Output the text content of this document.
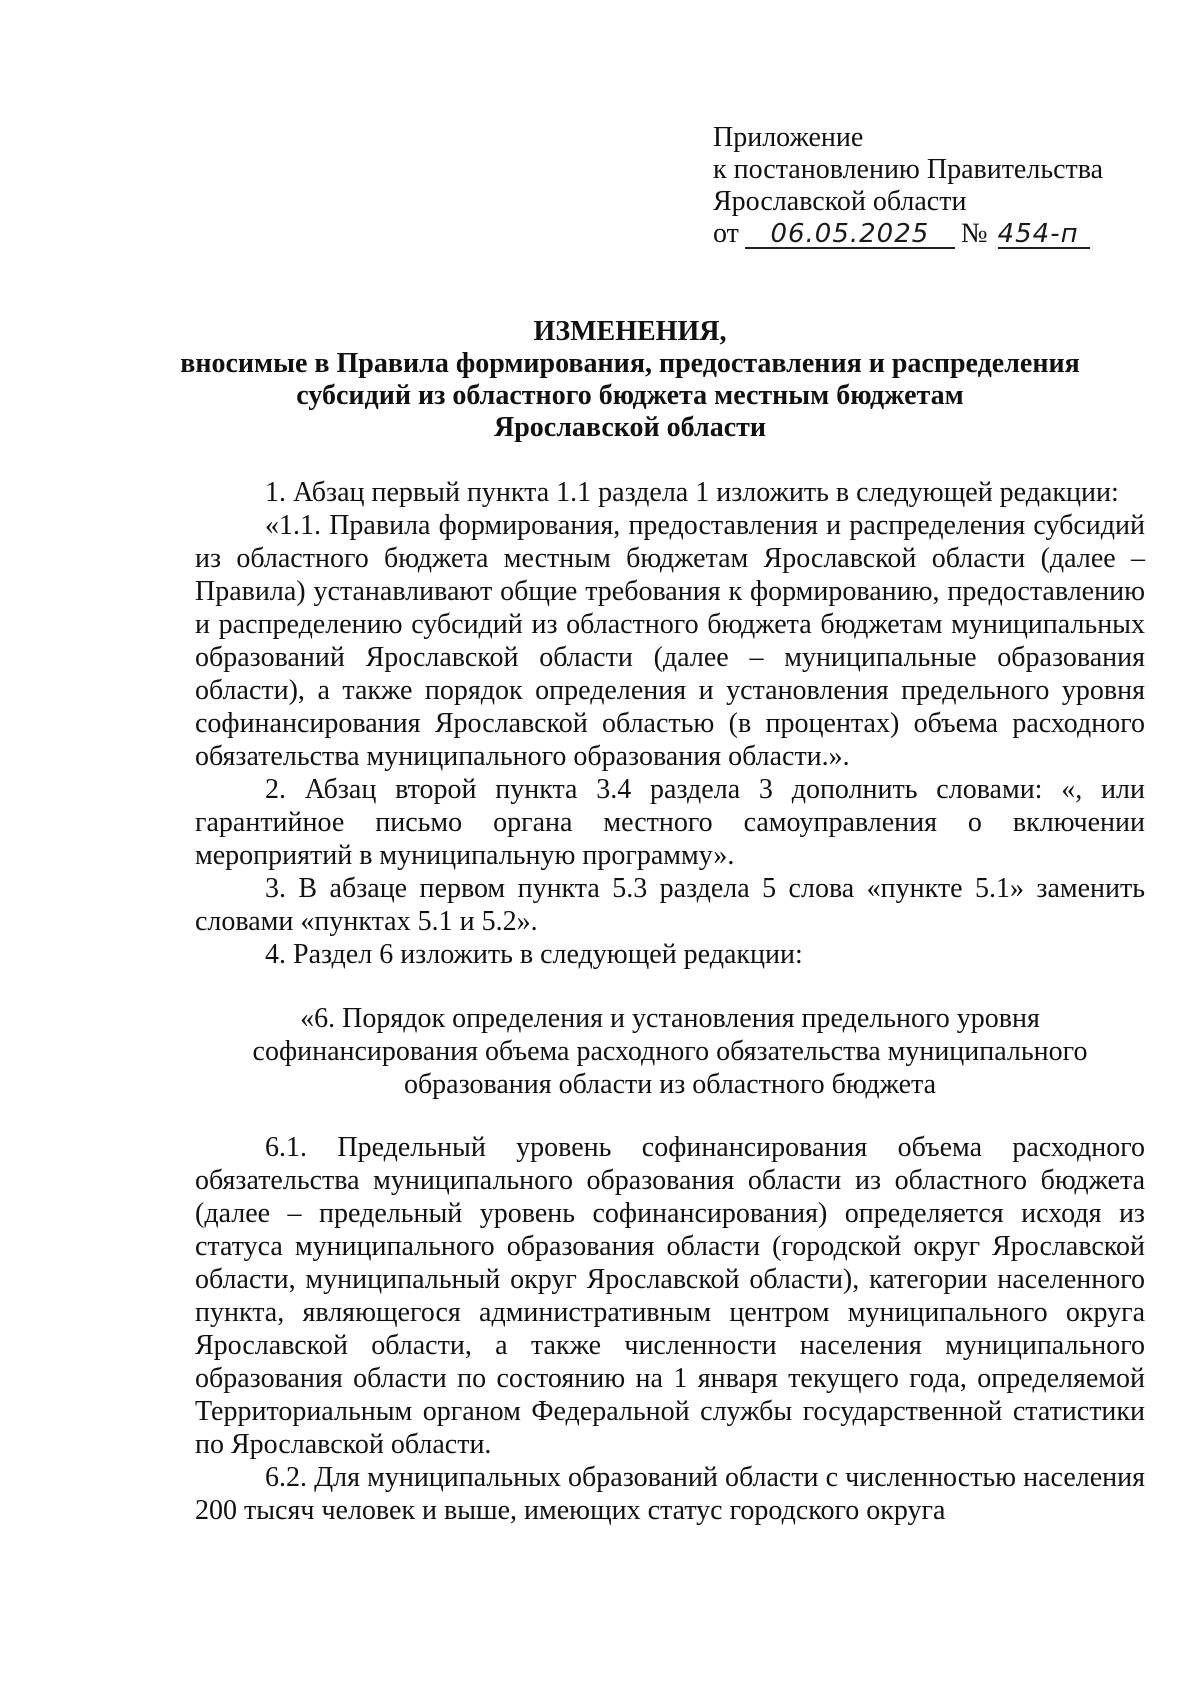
Приложение
к постановлению Правительства
Ярославской области
от 06.05.2025 № 454-п
ИЗМЕНЕНИЯ,
вносимые в Правила формирования, предоставления и распределения
субсидий из областного бюджета местным бюджетам
Ярославской области

1. Абзац первый пункта 1.1 раздела 1 изложить в следующей редакции:

«1.1. Правила формирования, предоставления и распределения субсидий из областного бюджета местным бюджетам Ярославской области (далее – Правила) устанавливают общие требования к формированию, предоставлению и распределению субсидий из областного бюджета бюджетам муниципальных образований Ярославской области (далее – муниципальные образования области), а также порядок определения и установления предельного уровня софинансирования Ярославской областью (в процентах) объема расходного обязательства муниципального образования области.».

2. Абзац второй пункта 3.4 раздела 3 дополнить словами: «, или гарантийное письмо органа местного самоуправления о включении мероприятий в муниципальную программу».

3. В абзаце первом пункта 5.3 раздела 5 слова «пункте 5.1» заменить словами «пунктах 5.1 и 5.2».

4. Раздел 6 изложить в следующей редакции:

«6. Порядок определения и установления предельного уровня
софинансирования объема расходного обязательства муниципального
образования области из областного бюджета

6.1. Предельный уровень софинансирования объема расходного обязательства муниципального образования области из областного бюджета (далее – предельный уровень софинансирования) определяется исходя из статуса муниципального образования области (городской округ Ярославской области, муниципальный округ Ярославской области), категории населенного пункта, являющегося административным центром муниципального округа Ярославской области, а также численности населения муниципального образования области по состоянию на 1 января текущего года, определяемой Территориальным органом Федеральной службы государственной статистики по Ярославской области.

6.2. Для муниципальных образований области с численностью населения 200 тысяч человек и выше, имеющих статус городского округа
